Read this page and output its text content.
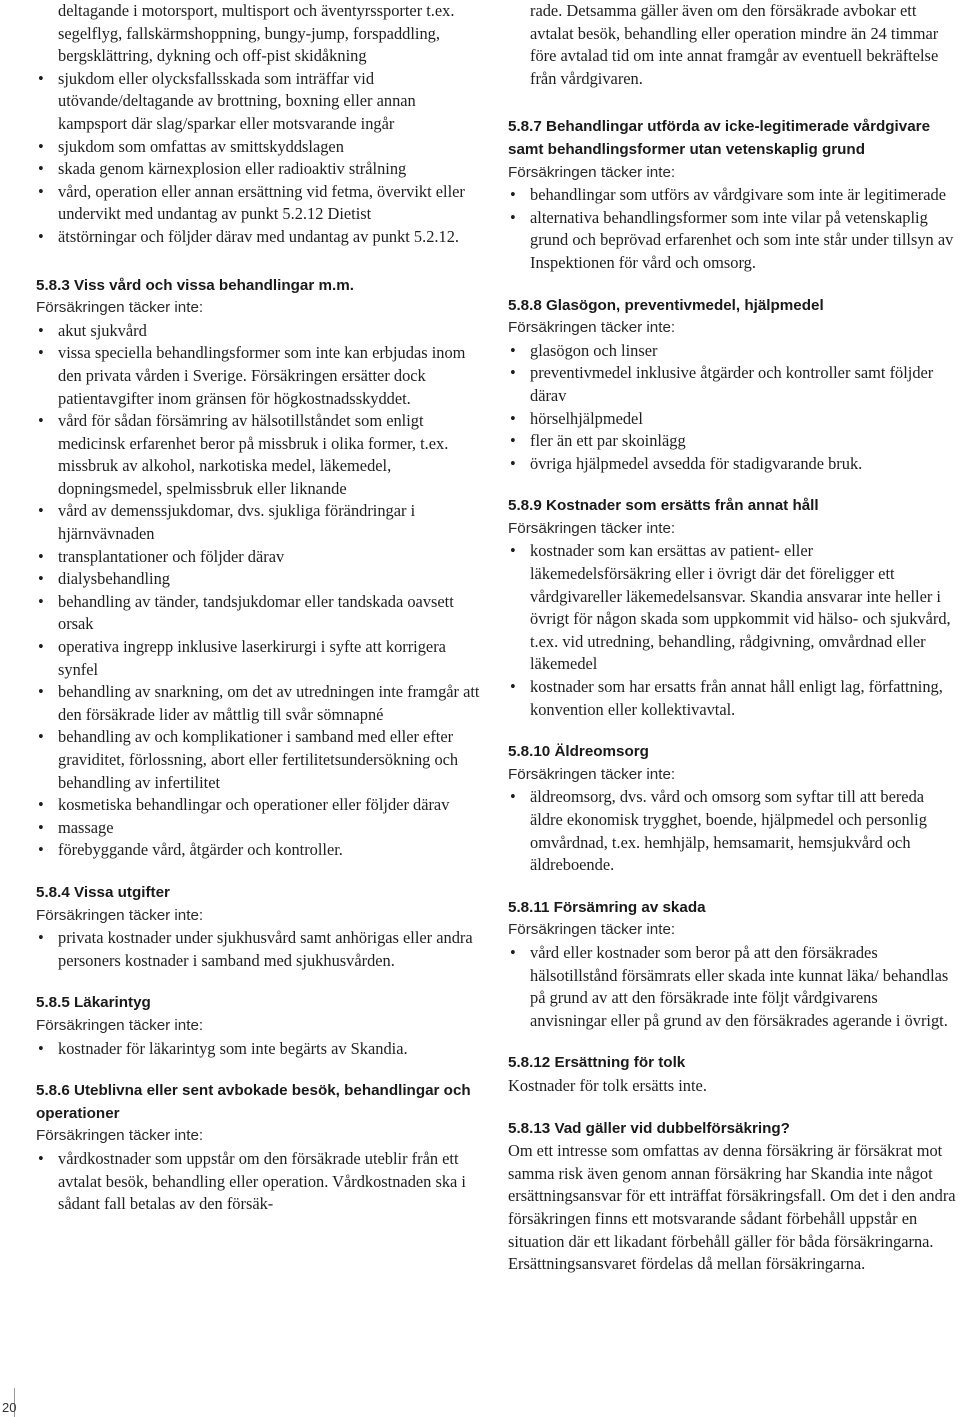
deltagande i motorsport, multisport och äventyrssporter t.ex. segelflyg, fallskärmshoppning, bungy-jump, forspaddling, bergsklättring, dykning och off-pist skidåkning

• sjukdom eller olycksfallsskada som inträffar vid utövande/deltagande av brottning, boxning eller annan kampsport där slag/sparkar eller motsvarande ingår
• sjukdom som omfattas av smittskyddslagen
• skada genom kärnexplosion eller radioaktiv strålning
• vård, operation eller annan ersättning vid fetma, övervikt eller undervikt med undantag av punkt 5.2.12 Dietist
• ätstörningar och följder därav med undantag av punkt 5.2.12.

5.8.3 Viss vård och vissa behandlingar m.m.

Försäkringen täcker inte:

• akut sjukvård
• vissa speciella behandlingsformer som inte kan erbjudas inom den privata vården i Sverige. Försäkringen ersätter dock patientavgifter inom gränsen för högkostnadsskyddet.
• vård för sådan försämring av hälsotillståndet som enligt medicinsk erfarenhet beror på missbruk i olika former, t.ex. missbruk av alkohol, narkotiska medel, läkemedel, dopningsmedel, spelmissbruk eller liknande
• vård av demenssjukdomar, dvs. sjukliga förändringar i hjärnvävnaden
• transplantationer och följder därav
• dialysbehandling
• behandling av tänder, tandsjukdomar eller tandskada oavsett orsak
• operativa ingrepp inklusive laserkirurgi i syfte att korrigera synfel
• behandling av snarkning, om det av utredningen inte framgår att den försäkrade lider av måttlig till svår sömnapné
• behandling av och komplikationer i samband med eller efter graviditet, förlossning, abort eller fertilitetsundersökning och behandling av infertilitet
• kosmetiska behandlingar och operationer eller följder därav
• massage
• förebyggande vård, åtgärder och kontroller.

5.8.4 Vissa utgifter

Försäkringen täcker inte:

• privata kostnader under sjukhusvård samt anhörigas eller andra personers kostnader i samband med sjukhusvården.

5.8.5 Läkarintyg

Försäkringen täcker inte:

• kostnader för läkarintyg som inte begärts av Skandia.

5.8.6 Uteblivna eller sent avbokade besök, behandlingar och operationer

Försäkringen täcker inte:

• vårdkostnader som uppstår om den försäkrade uteblir från ett avtalat besök, behandling eller operation. Vårdkostnaden ska i sådant fall betalas av den försäk-

rade. Detsamma gäller även om den försäkrade avbokar ett avtalat besök, behandling eller operation mindre än 24 timmar före avtalad tid om inte annat framgår av eventuell bekräftelse från vårdgivaren.

5.8.7 Behandlingar utförda av icke-legitimerade vårdgivare samt behandlingsformer utan vetenskaplig grund

Försäkringen täcker inte:

• behandlingar som utförs av vårdgivare som inte är legitimerade
• alternativa behandlingsformer som inte vilar på vetenskaplig grund och beprövad erfarenhet och som inte står under tillsyn av Inspektionen för vård och omsorg.

5.8.8 Glasögon, preventivmedel, hjälpmedel

Försäkringen täcker inte:

• glasögon och linser
• preventivmedel inklusive åtgärder och kontroller samt följder därav
• hörselhjälpmedel
• fler än ett par skoinlägg
• övriga hjälpmedel avsedda för stadigvarande bruk.

5.8.9 Kostnader som ersätts från annat håll

Försäkringen täcker inte:

• kostnader som kan ersättas av patient- eller läkemedelsförsäkring eller i övrigt där det föreligger ett vårdgivareller läkemedelsansvar. Skandia ansvarar inte heller i övrigt för någon skada som uppkommit vid hälso- och sjukvård, t.ex. vid utredning, behandling, rådgivning, omvårdnad eller läkemedel
• kostnader som har ersatts från annat håll enligt lag, författning, konvention eller kollektivavtal.

5.8.10 Äldreomsorg

Försäkringen täcker inte:

• äldreomsorg, dvs. vård och omsorg som syftar till att bereda äldre ekonomisk trygghet, boende, hjälpmedel och personlig omvårdnad, t.ex. hemhjälp, hemsamarit, hemsjukvård och äldreboende.

5.8.11 Försämring av skada

Försäkringen täcker inte:

• vård eller kostnader som beror på att den försäkrades hälsotillstånd försämrats eller skada inte kunnat läka/ behandlas på grund av att den försäkrade inte följt vårdgivarens anvisningar eller på grund av den försäkrades agerande i övrigt.

5.8.12 Ersättning för tolk

Kostnader för tolk ersätts inte.

5.8.13 Vad gäller vid dubbelförsäkring?

Om ett intresse som omfattas av denna försäkring är försäkrat mot samma risk även genom annan försäkring har Skandia inte något ersättningsansvar för ett inträffat försäkringsfall. Om det i den andra försäkringen finns ett motsvarande sådant förbehåll uppstår en situation där ett likadant förbehåll gäller för båda försäkringarna. Ersättningsansvaret fördelas då mellan försäkringarna.

20
